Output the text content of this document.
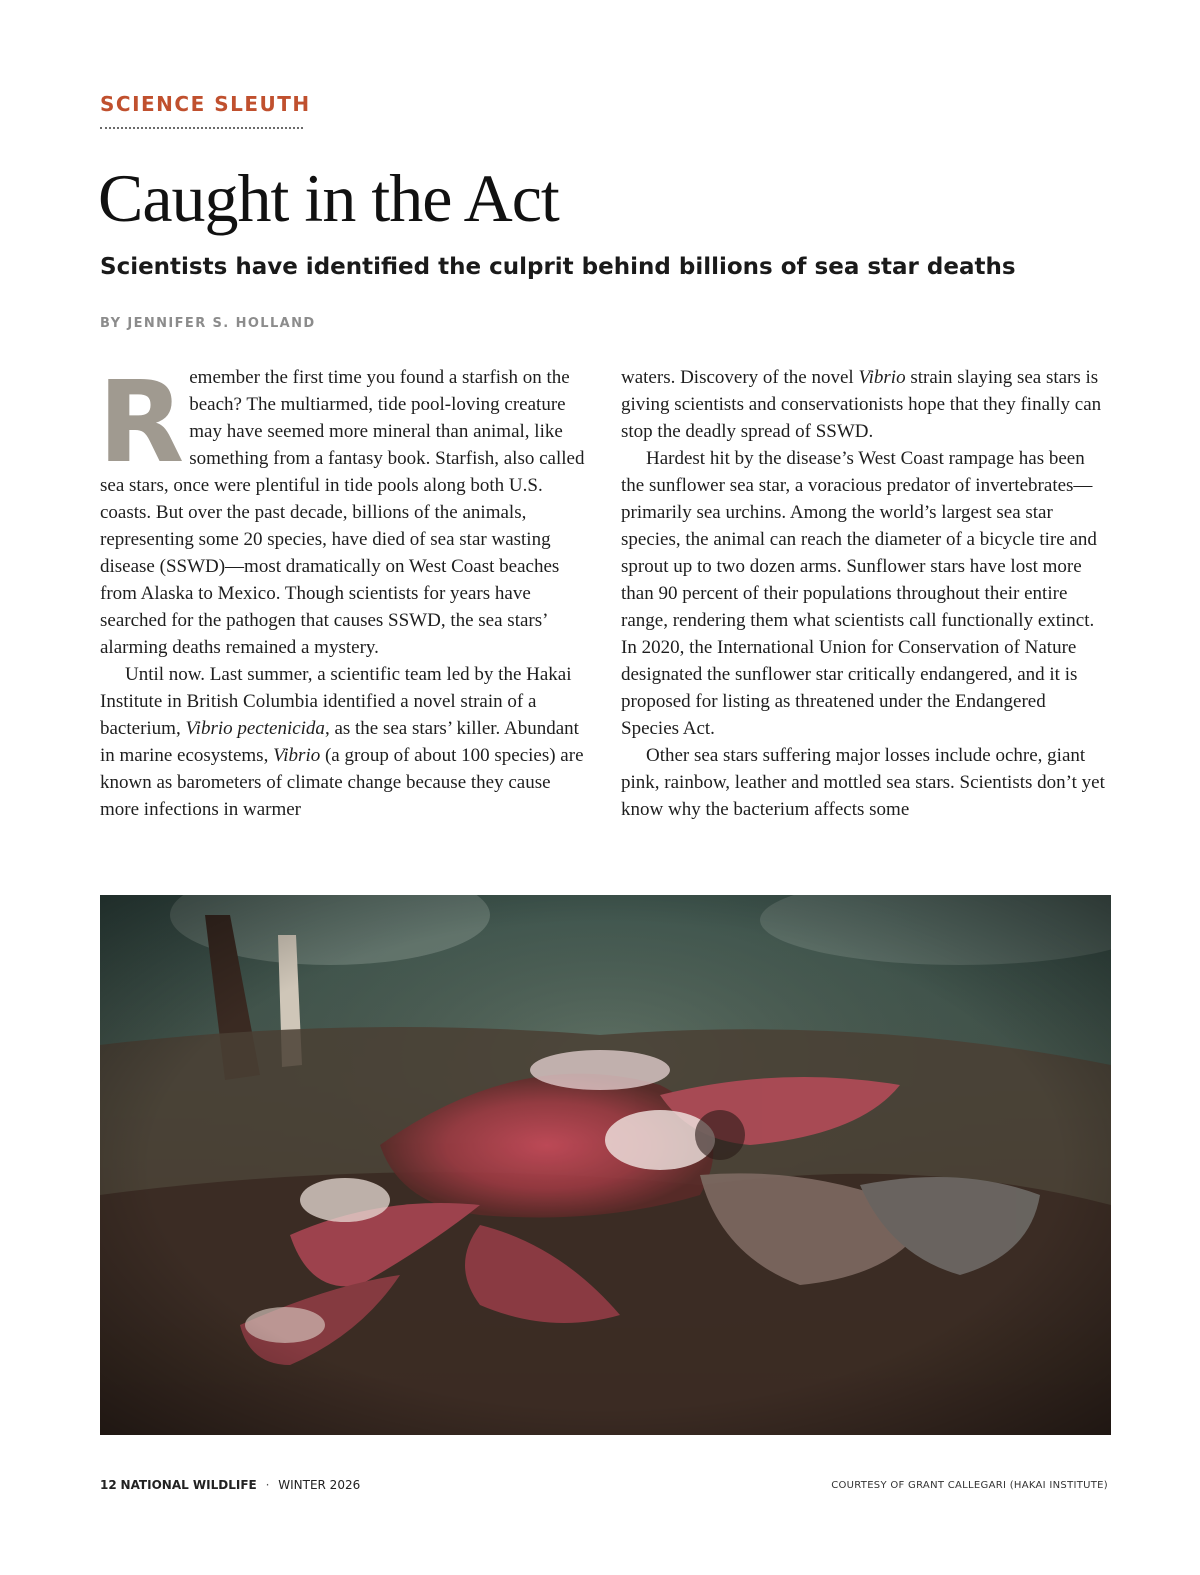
SCIENCE SLEUTH
Caught in the Act
Scientists have identified the culprit behind billions of sea star deaths
BY JENNIFER S. HOLLAND

Remember the first time you found a starfish on the beach? The multiarmed, tide pool-loving creature may have seemed more mineral than animal, like something from a fantasy book. Starfish, also called sea stars, once were plentiful in tide pools along both U.S. coasts. But over the past decade, billions of the animals, representing some 20 species, have died of sea star wasting disease (SSWD)—most dramatically on West Coast beaches from Alaska to Mexico. Though scientists for years have searched for the pathogen that causes SSWD, the sea stars’ alarming deaths remained a mystery.

Until now. Last summer, a scientific team led by the Hakai Institute in British Columbia identified a novel strain of a bacterium, Vibrio pectenicida, as the sea stars’ killer. Abundant in marine ecosystems, Vibrio (a group of about 100 species) are known as barometers of climate change because they cause more infections in warmer

waters. Discovery of the novel Vibrio strain slaying sea stars is giving scientists and conservationists hope that they finally can stop the deadly spread of SSWD.

Hardest hit by the disease’s West Coast rampage has been the sunflower sea star, a voracious predator of invertebrates—primarily sea urchins. Among the world’s largest sea star species, the animal can reach the diameter of a bicycle tire and sprout up to two dozen arms. Sunflower stars have lost more than 90 percent of their populations throughout their entire range, rendering them what scientists call functionally extinct. In 2020, the International Union for Conservation of Nature designated the sunflower star critically endangered, and it is proposed for listing as threatened under the Endangered Species Act.

Other sea stars suffering major losses include ochre, giant pink, rainbow, leather and mottled sea stars. Scientists don’t yet know why the bacterium affects some

12 NATIONAL WILDLIFE · WINTER 2026	COURTESY OF GRANT CALLEGARI (HAKAI INSTITUTE)
